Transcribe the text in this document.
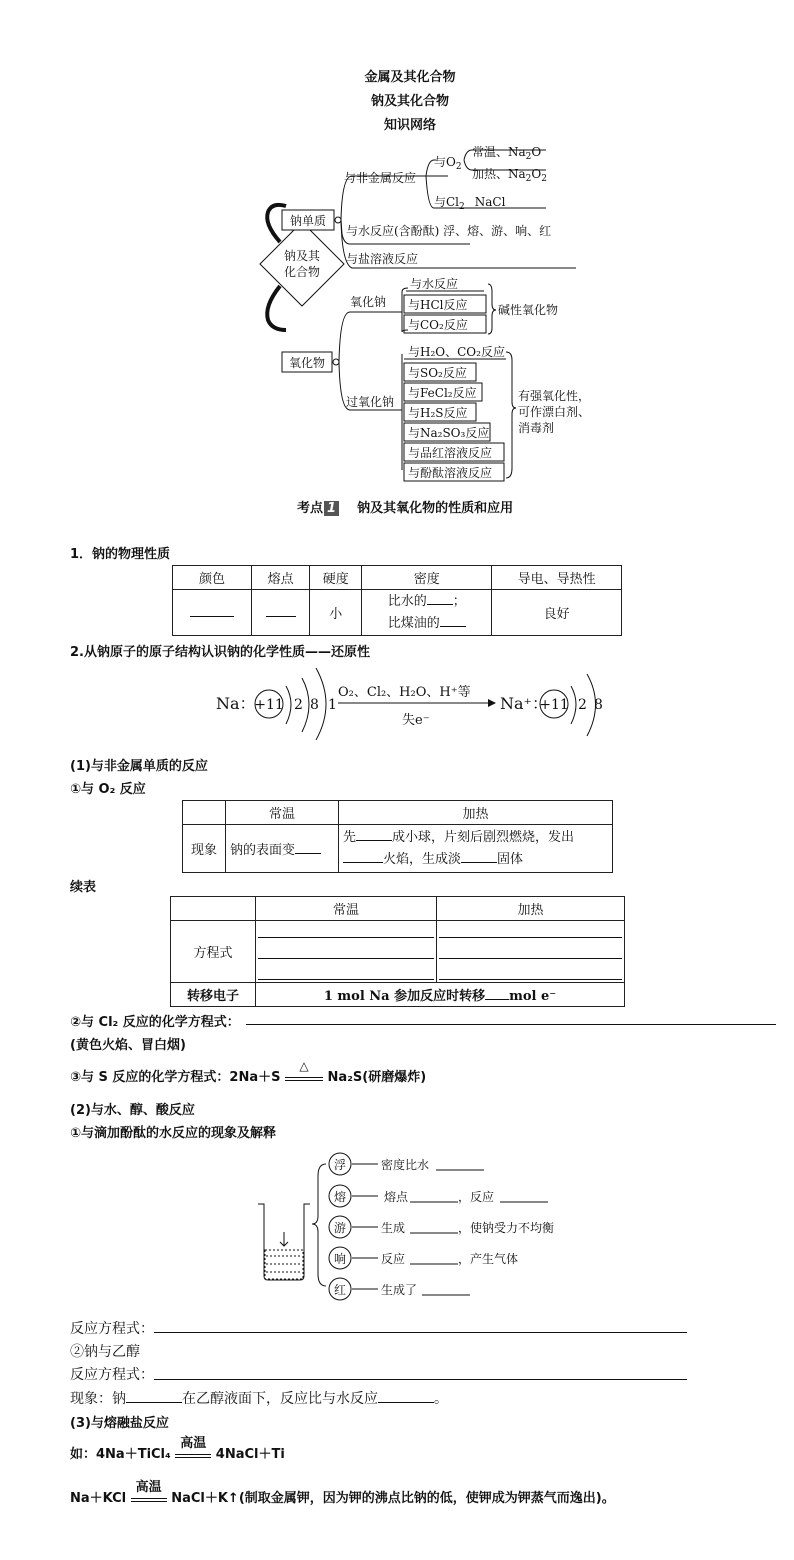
金属及其化合物
钠及其化合物
知识网络
钠及其
化合物
钠单质
与非金属反应
与$O_2$
常温、$Na_2O$
加热、$Na_2O_2$
与$Cl_2$ NaCl
与水反应(含酚酞) 浮、熔、游、响、红
与盐溶液反应
氧化物
氧化钠
过氧化钠
与水反应
与HCl反应
与CO₂反应
碱性氧化物
与H₂O、CO₂反应
与SO₂反应
与FeCl₂反应
与H₂S反应
与Na₂SO₃反应
与品红溶液反应
与酚酞溶液反应
有强氧化性，
可作漂白剂、
消毒剂
考点 1 钠及其氧化物的性质和应用
1．钠的物理性质
颜色	熔点	硬度	密度	导电、导热性
		小	比水的 ；
比煤油的	良好
2.从钠原子的原子结构认识钠的化学性质——还原性
Na：
+11 2 8 1
O₂、Cl₂、H₂O、H⁺等
失e⁻
Na⁺：
+11 2 8
(1)与非金属单质的反应
①与 O₂ 反应
	常温	加热
现象	钠的表面变	先 成小球，片刻后剧烈燃烧，发出
火焰，生成淡 固体
续表
	常温	加热
方程式	

转移电子	1 mol Na 参加反应时转移 mol e⁻	
②与 Cl₂ 反应的化学方程式：
(黄色火焰、冒白烟)
③与 S 反应的化学方程式：2Na＋S
△
Na₂S(研磨爆炸)
(2)与水、醇、酸反应
①与滴加酚酞的水反应的现象及解释
浮
熔
游
响
红
密度比水
熔点	，反应
生成	，使钠受力不均衡
反应	，产生气体
生成了
反应方程式：
②钠与乙醇
反应方程式：
现象：钠	在乙醇液面下，反应比与水反应	。
(3)与熔融盐反应
如：4Na＋TiCl₄
高温
4NaCl＋Ti
Na＋KCl
高温
NaCl＋K↑(制取金属钾，因为钾的沸点比钠的低，使钾成为钾蒸气而逸出)。
